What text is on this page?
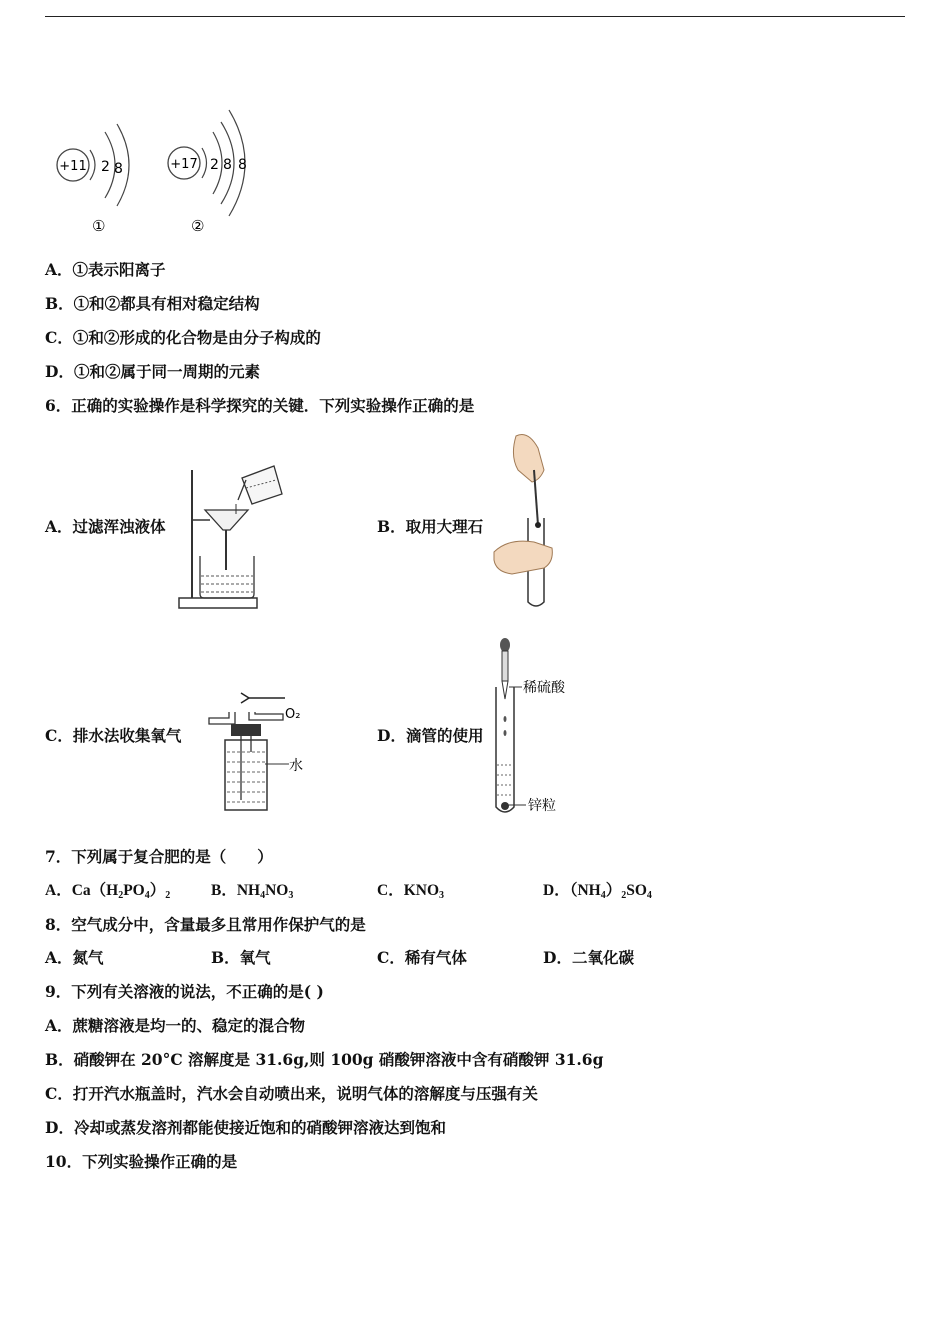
+11 2 8
①
+17 2 8 8
②
A．①表示阳离子
B．①和②都具有相对稳定结构
C．①和②形成的化合物是由分子构成的
D．①和②属于同一周期的元素
6．正确的实验操作是科学探究的关键．下列实验操作正确的是
A．过滤浑浊液体	B．取用大理石
C．排水法收集氧气
O₂
水
D．滴管的使用
稀硫酸
锌粒
7．下列属于复合肥的是（　　）
A．$Ca(H_2PO_4)_2$	B．$NH_4NO_3$	C．$KNO_3$	D．$(NH_4)_2SO_4$
8．空气成分中，含量最多且常用作保护气的是
A．氮气	B．氧气	C．稀有气体	D．二氧化碳
9．下列有关溶液的说法，不正确的是( )
A．蔗糖溶液是均一的、稳定的混合物
B．硝酸钾在 20°C 溶解度是 31.6g,则 100g 硝酸钾溶液中含有硝酸钾 31.6g
C．打开汽水瓶盖时，汽水会自动喷出来，说明气体的溶解度与压强有关
D．冷却或蒸发溶剂都能使接近饱和的硝酸钾溶液达到饱和
10．下列实验操作正确的是
